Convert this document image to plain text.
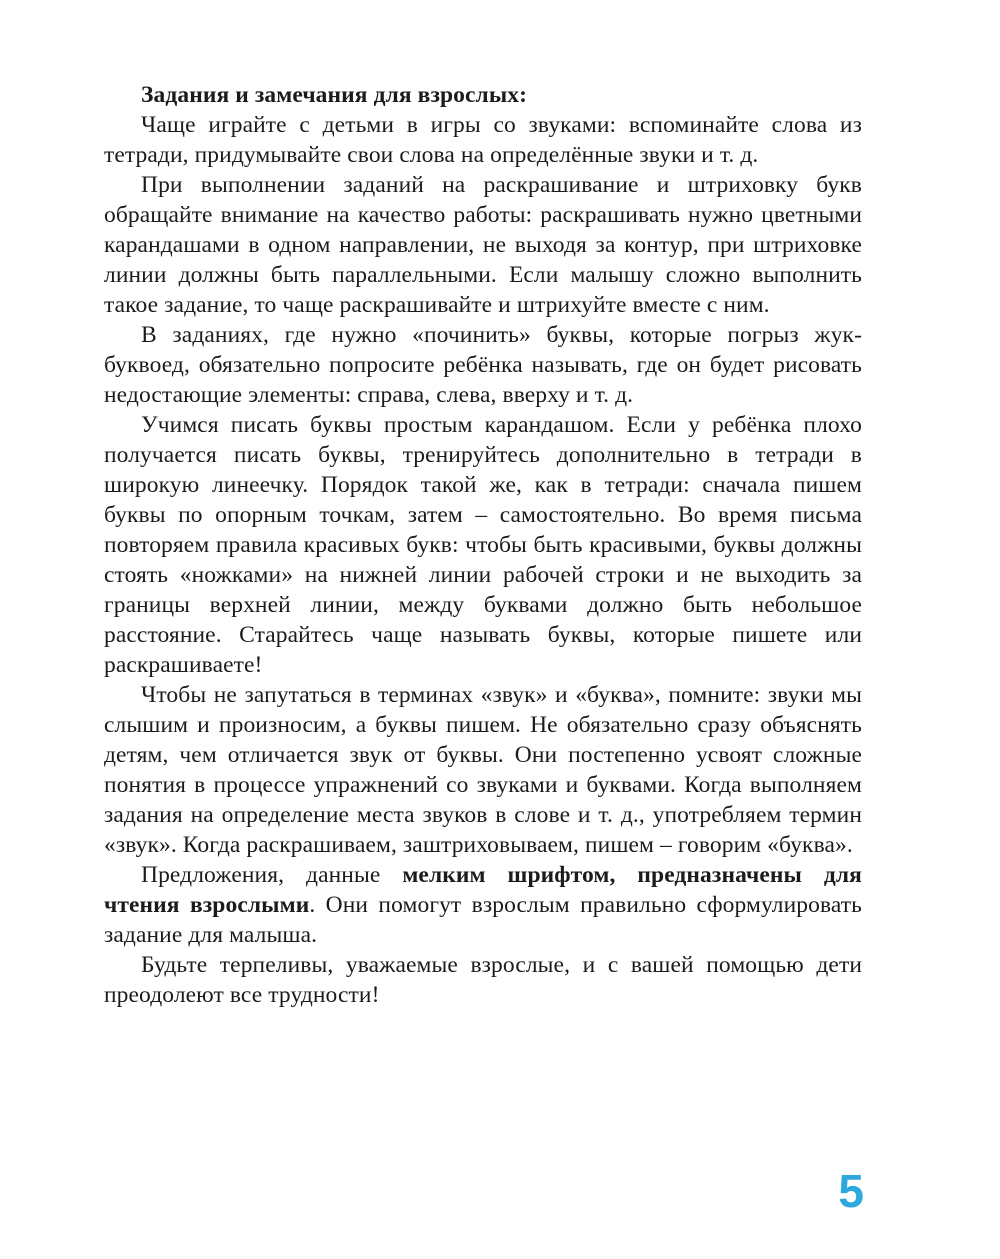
Задания и замечания для взрослых:

Чаще играйте с детьми в игры со звуками: вспоминайте слова из тетради, придумывайте свои слова на определённые звуки и т. д.

При выполнении заданий на раскрашивание и штриховку букв обращайте внимание на качество работы: раскрашивать нужно цветными карандашами в одном направлении, не выходя за контур, при штриховке линии должны быть параллельными. Если малышу сложно выполнить такое задание, то чаще раскрашивайте и штрихуйте вместе с ним.

В заданиях, где нужно «починить» буквы, которые погрыз жук-буквоед, обязательно попросите ребёнка называть, где он будет рисовать недостающие элементы: справа, слева, вверху и т. д.

Учимся писать буквы простым карандашом. Если у ребёнка плохо получается писать буквы, тренируйтесь дополнительно в тетради в широкую линеечку. Порядок такой же, как в тетради: сначала пишем буквы по опорным точкам, затем – самостоятельно. Во время письма повторяем правила красивых букв: чтобы быть красивыми, буквы должны стоять «ножками» на нижней линии рабочей строки и не выходить за границы верхней линии, между буквами должно быть небольшое расстояние. Старайтесь чаще называть буквы, которые пишете или раскрашиваете!

Чтобы не запутаться в терминах «звук» и «буква», помните: звуки мы слышим и произносим, а буквы пишем. Не обязательно сразу объяснять детям, чем отличается звук от буквы. Они постепенно усвоят сложные понятия в процессе упражнений со звуками и буквами. Когда выполняем задания на определение места звуков в слове и т. д., употребляем термин «звук». Когда раскрашиваем, заштриховываем, пишем – говорим «буква».

Предложения, данные мелким шрифтом, предназначены для чтения взрослыми. Они помогут взрослым правильно сформулировать задание для малыша.

Будьте терпеливы, уважаемые взрослые, и с вашей помощью дети преодолеют все трудности!

5
